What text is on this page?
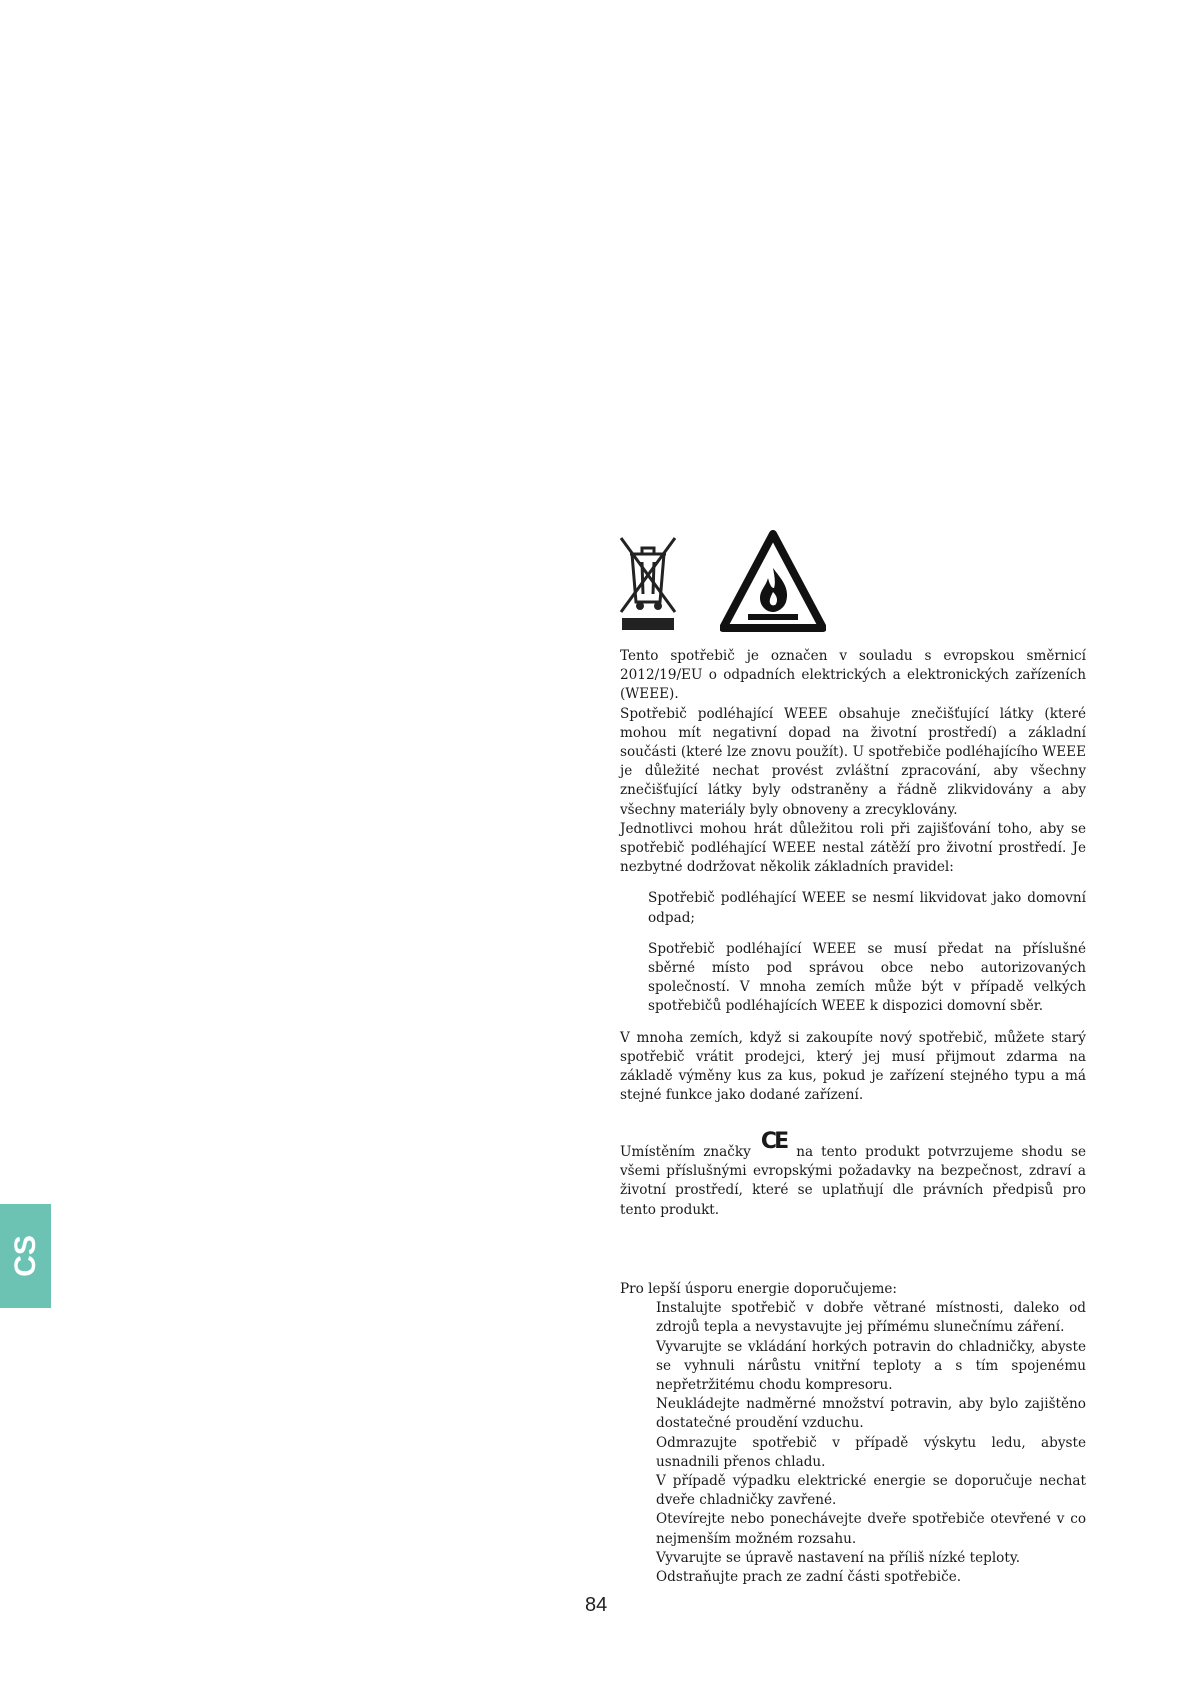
Tento spotřebič je označen v souladu s evropskou směrnicí 2012/19/EU o odpadních elektrických a elektronických zařízeních (WEEE).

Spotřebič podléhající WEEE obsahuje znečišťující látky (které mohou mít negativní dopad na životní prostředí) a základní součásti (které lze znovu použít). U spotřebiče podléhajícího WEEE je důležité nechat provést zvláštní zpracování, aby všechny znečišťující látky byly odstraněny a řádně zlikvidovány a aby všechny materiály byly obnoveny a zrecyklovány.

Jednotlivci mohou hrát důležitou roli při zajišťování toho, aby se spotřebič podléhající WEEE nestal zátěží pro životní prostředí. Je nezbytné dodržovat několik základních pravidel:

Spotřebič podléhající WEEE se nesmí likvidovat jako domovní odpad;

Spotřebič podléhající WEEE se musí předat na příslušné sběrné místo pod správou obce nebo autorizovaných společností. V mnoha zemích může být v případě velkých spotřebičů podléhajících WEEE k dispozici domovní sběr.

V mnoha zemích, když si zakoupíte nový spotřebič, můžete starý spotřebič vrátit prodejci, který jej musí přijmout zdarma na základě výměny kus za kus, pokud je zařízení stejného typu a má stejné funkce jako dodané zařízení.

Umístěním značky CE na tento produkt potvrzujeme shodu se všemi příslušnými evropskými požadavky na bezpečnost, zdraví a životní prostředí, které se uplatňují dle právních předpisů pro tento produkt.

Pro lepší úsporu energie doporučujeme:

Instalujte spotřebič v dobře větrané místnosti, daleko od zdrojů tepla a nevystavujte jej přímému slunečnímu záření.

Vyvarujte se vkládání horkých potravin do chladničky, abyste se vyhnuli nárůstu vnitřní teploty a s tím spojenému nepřetržitému chodu kompresoru.

Neukládejte nadměrné množství potravin, aby bylo zajištěno dostatečné proudění vzduchu.

Odmrazujte spotřebič v případě výskytu ledu, abyste usnadnili přenos chladu.

V případě výpadku elektrické energie se doporučuje nechat dveře chladničky zavřené.

Otevírejte nebo ponechávejte dveře spotřebiče otevřené v co nejmenším možném rozsahu.

Vyvarujte se úpravě nastavení na příliš nízké teploty.

Odstraňujte prach ze zadní části spotřebiče.

CS
84
